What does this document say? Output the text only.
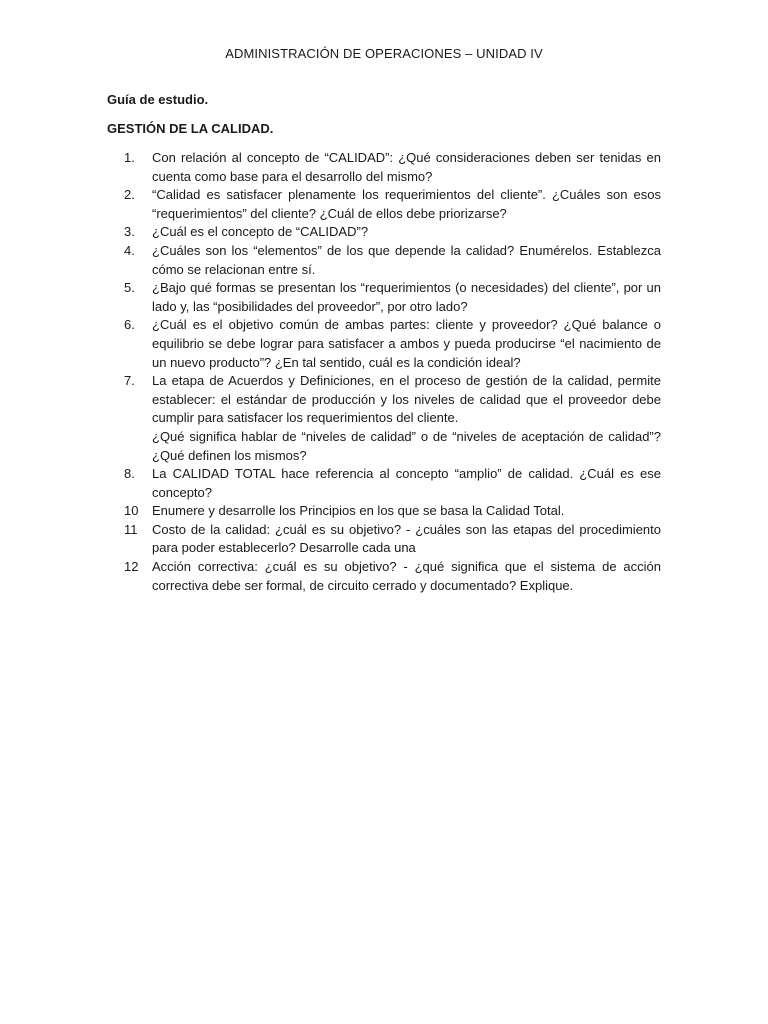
ADMINISTRACIÓN DE OPERACIONES – UNIDAD IV
Guía de estudio.
GESTIÓN DE LA CALIDAD.
1.	Con relación al concepto de “CALIDAD”: ¿Qué consideraciones deben ser tenidas en cuenta como base para el desarrollo del mismo?
2.	“Calidad es satisfacer plenamente los requerimientos del cliente”. ¿Cuáles son esos “requerimientos” del cliente? ¿Cuál de ellos debe priorizarse?
3.	¿Cuál es el concepto de “CALIDAD”?
4.	¿Cuáles son los “elementos” de los que depende la calidad? Enumérelos. Establezca cómo se relacionan entre sí.
5.	¿Bajo qué formas se presentan los “requerimientos (o necesidades) del cliente”, por un lado y, las “posibilidades del proveedor”, por otro lado?
6.	¿Cuál es el objetivo común de ambas partes: cliente y proveedor? ¿Qué balance o equilibrio se debe lograr para satisfacer a ambos y pueda producirse “el nacimiento de un nuevo producto”? ¿En tal sentido, cuál es la condición ideal?
7.	La etapa de Acuerdos y Definiciones, en el proceso de gestión de la calidad, permite establecer: el estándar de producción y los niveles de calidad que el proveedor debe cumplir para satisfacer los requerimientos del cliente.
¿Qué significa hablar de “niveles de calidad” o de “niveles de aceptación de calidad”? ¿Qué definen los mismos?
8.	La CALIDAD TOTAL hace referencia al concepto “amplio” de calidad. ¿Cuál es ese concepto?
10	Enumere y desarrolle los Principios en los que se basa la Calidad Total.
11	Costo de la calidad: ¿cuál es su objetivo? - ¿cuáles son las etapas del procedimiento para poder establecerlo? Desarrolle cada una
12	Acción correctiva: ¿cuál es su objetivo? - ¿qué significa que el sistema de acción correctiva debe ser formal, de circuito cerrado y documentado? Explique.
